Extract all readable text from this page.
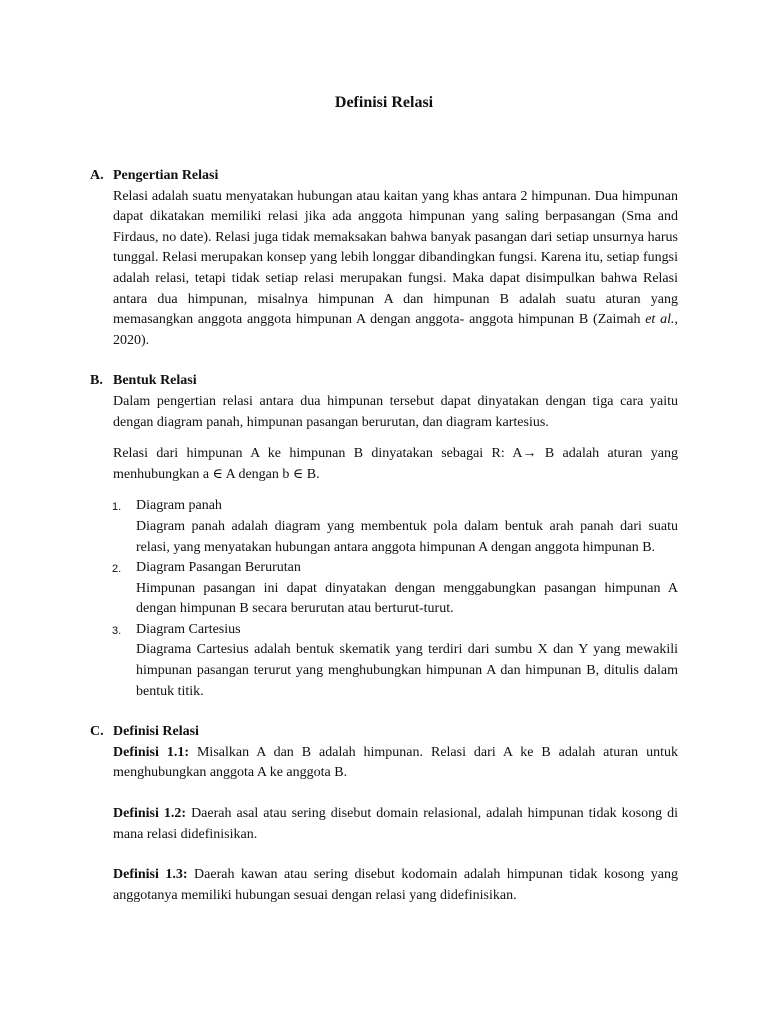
Definisi Relasi
A. Pengertian Relasi

Relasi adalah suatu menyatakan hubungan atau kaitan yang khas antara 2 himpunan. Dua himpunan dapat dikatakan memiliki relasi jika ada anggota himpunan yang saling berpasangan (Sma and Firdaus, no date). Relasi juga tidak memaksakan bahwa banyak pasangan dari setiap unsurnya harus tunggal. Relasi merupakan konsep yang lebih longgar dibandingkan fungsi. Karena itu, setiap fungsi adalah relasi, tetapi tidak setiap relasi merupakan fungsi. Maka dapat disimpulkan bahwa Relasi antara dua himpunan, misalnya himpunan A dan himpunan B adalah suatu aturan yang memasangkan anggota anggota himpunan A dengan anggota- anggota himpunan B (Zaimah et al., 2020).

B. Bentuk Relasi

Dalam pengertian relasi antara dua himpunan tersebut dapat dinyatakan dengan tiga cara yaitu dengan diagram panah, himpunan pasangan berurutan, dan diagram kartesius.

Relasi dari himpunan A ke himpunan B dinyatakan sebagai R: A→ B adalah aturan yang menhubungkan a ∈ A dengan b ∈ B.

1. Diagram panah
Diagram panah adalah diagram yang membentuk pola dalam bentuk arah panah dari suatu relasi, yang menyatakan hubungan antara anggota himpunan A dengan anggota himpunan B.
2. Diagram Pasangan Berurutan
Himpunan pasangan ini dapat dinyatakan dengan menggabungkan pasangan himpunan A dengan himpunan B secara berurutan atau berturut-turut.
3. Diagram Cartesius
Diagrama Cartesius adalah bentuk skematik yang terdiri dari sumbu X dan Y yang mewakili himpunan pasangan terurut yang menghubungkan himpunan A dan himpunan B, ditulis dalam bentuk titik.
C. Definisi Relasi

Definisi 1.1: Misalkan A dan B adalah himpunan. Relasi dari A ke B adalah aturan untuk menghubungkan anggota A ke anggota B.

Definisi 1.2: Daerah asal atau sering disebut domain relasional, adalah himpunan tidak kosong di mana relasi didefinisikan.

Definisi 1.3: Daerah kawan atau sering disebut kodomain adalah himpunan tidak kosong yang anggotanya memiliki hubungan sesuai dengan relasi yang didefinisikan.
